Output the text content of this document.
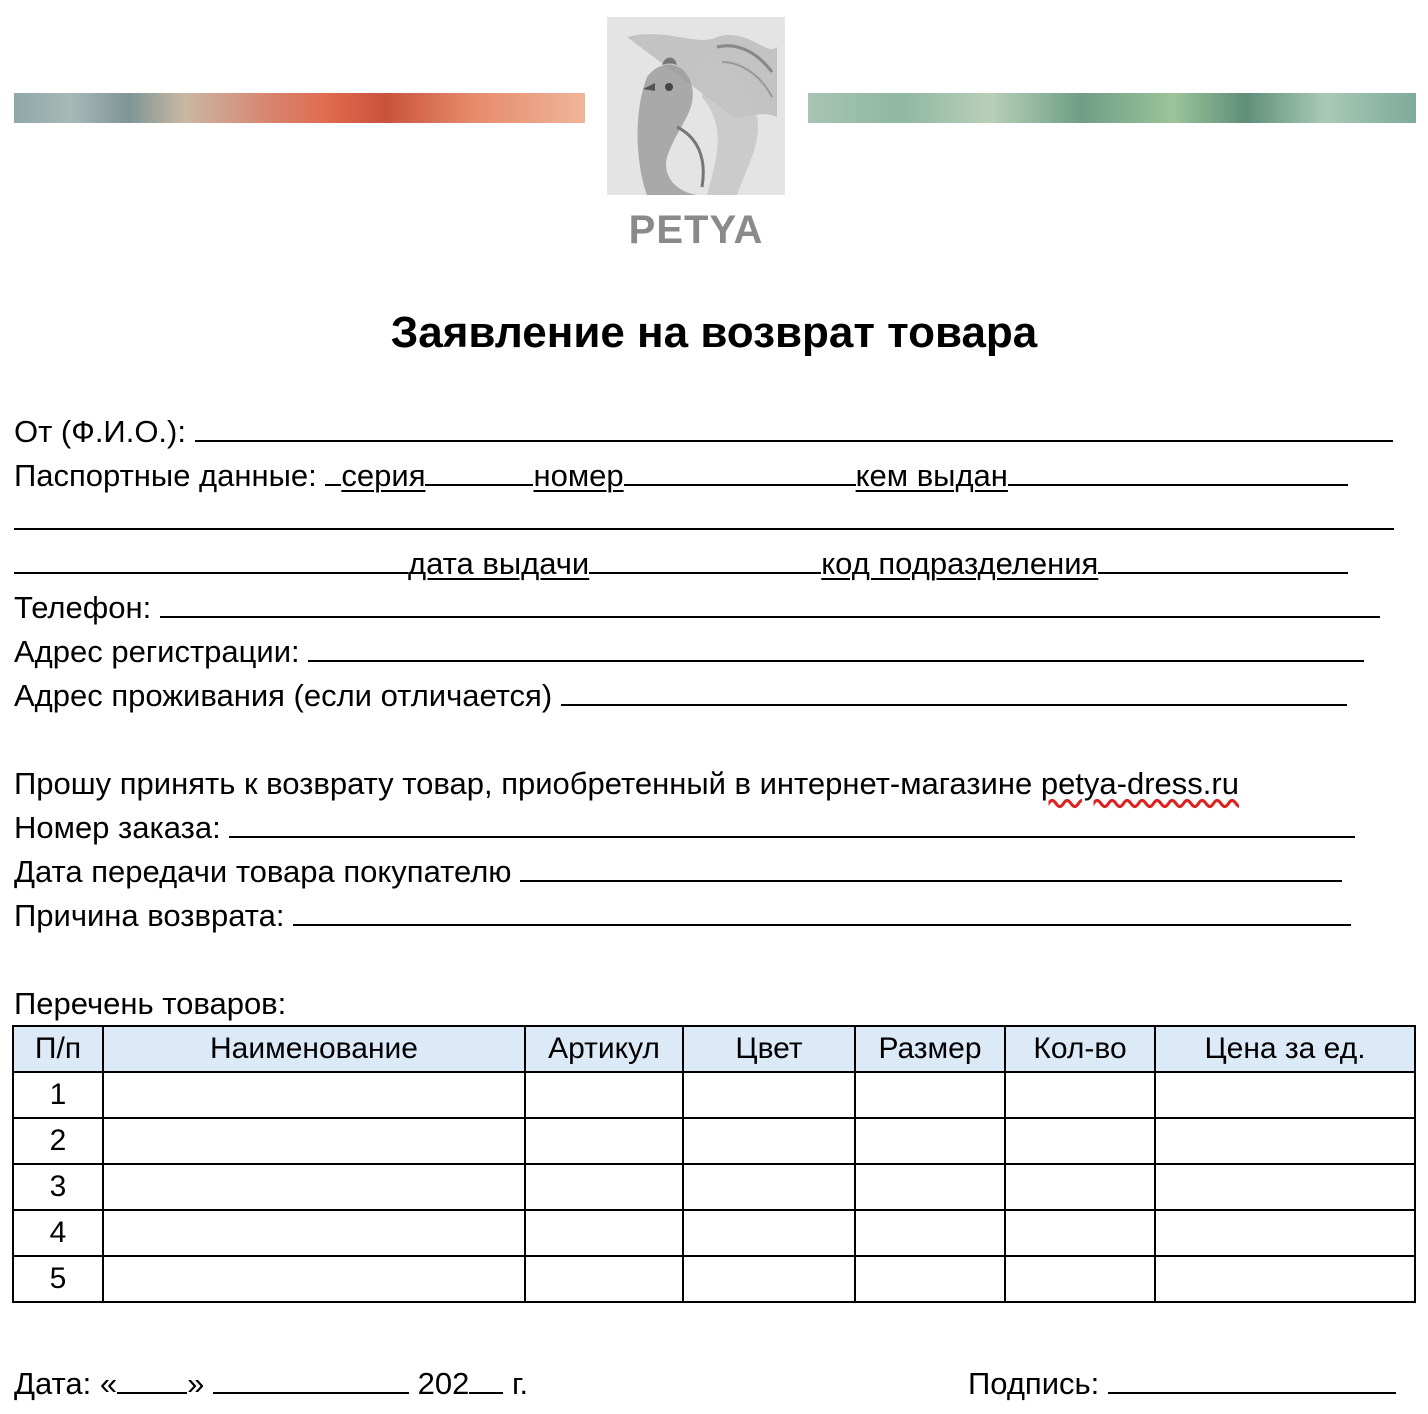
PETYA
Заявление на возврат товара
От (Ф.И.О.):
Паспортные данные: серия	номер	кем выдан
дата выдачи	код подразделения
Телефон:
Адрес регистрации:
Адрес проживания (если отличается)
Прошу принять к возврату товар, приобретенный в интернет-магазине petya-dress.ru
Номер заказа:
Дата передачи товара покупателю
Причина возврата:
Перечень товаров:
П/п	Наименование	Артикул	Цвет	Размер	Кол-во	Цена за ед.
1						
2						
3						
4						
5						
Дата: « »	202 г.	Подпись:
